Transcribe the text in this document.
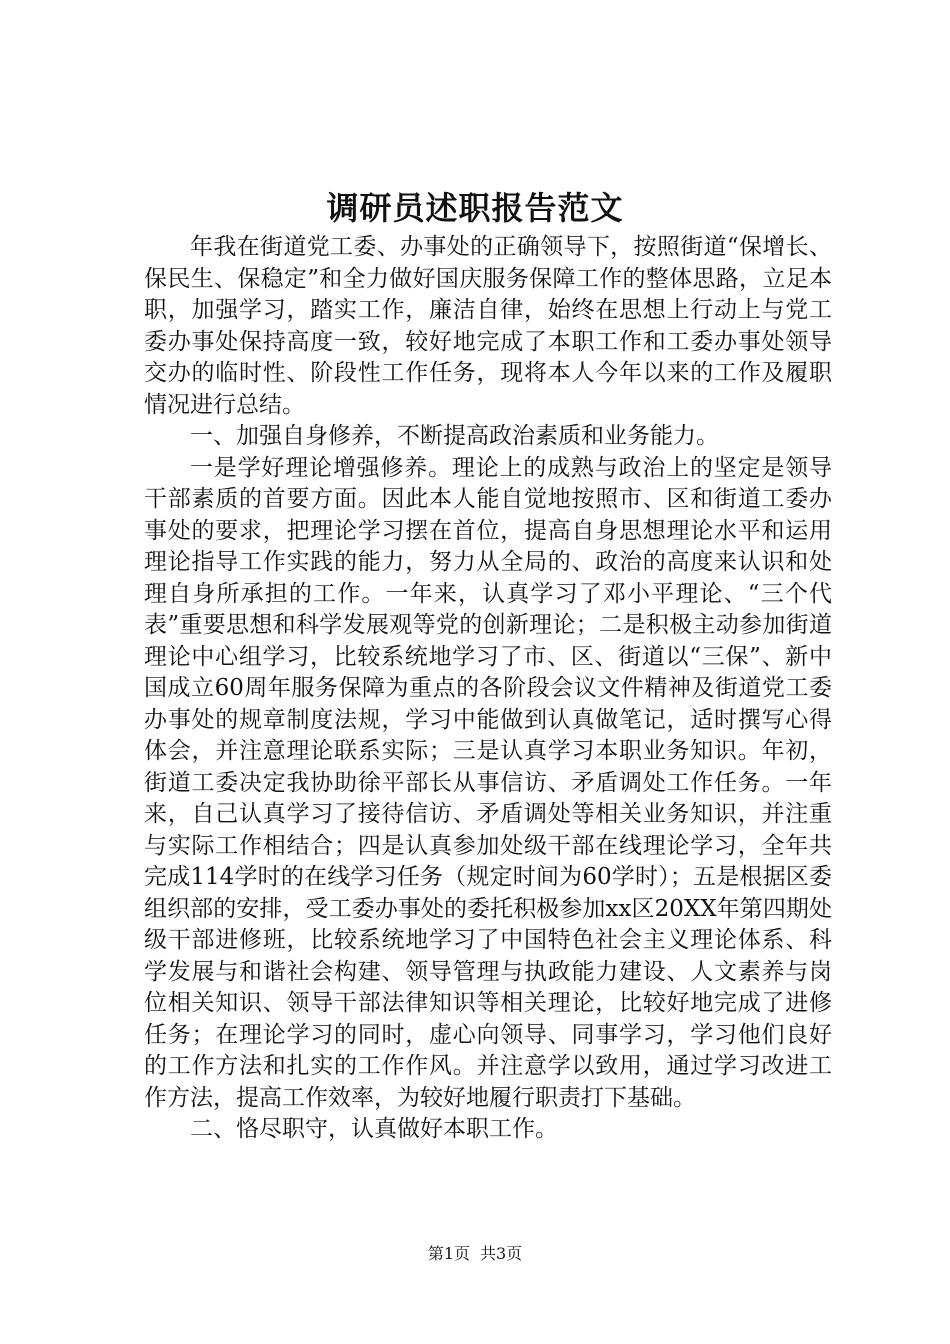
调研员述职报告范文

年我在街道党工委、办事处的正确领导下，按照街道“保增长、保民生、保稳定”和全力做好国庆服务保障工作的整体思路，立足本职，加强学习，踏实工作，廉洁自律，始终在思想上行动上与党工委办事处保持高度一致，较好地完成了本职工作和工委办事处领导交办的临时性、阶段性工作任务，现将本人今年以来的工作及履职情况进行总结。

一、加强自身修养，不断提高政治素质和业务能力。

一是学好理论增强修养。理论上的成熟与政治上的坚定是领导干部素质的首要方面。因此本人能自觉地按照市、区和街道工委办事处的要求，把理论学习摆在首位，提高自身思想理论水平和运用理论指导工作实践的能力，努力从全局的、政治的高度来认识和处理自身所承担的工作。一年来，认真学习了邓小平理论、“三个代表”重要思想和科学发展观等党的创新理论；二是积极主动参加街道理论中心组学习，比较系统地学习了市、区、街道以“三保”、新中国成立60周年服务保障为重点的各阶段会议文件精神及街道党工委办事处的规章制度法规，学习中能做到认真做笔记，适时撰写心得体会，并注意理论联系实际；三是认真学习本职业务知识。年初，街道工委决定我协助徐平部长从事信访、矛盾调处工作任务。一年来，自己认真学习了接待信访、矛盾调处等相关业务知识，并注重与实际工作相结合；四是认真参加处级干部在线理论学习，全年共完成114学时的在线学习任务（规定时间为60学时）；五是根据区委组织部的安排，受工委办事处的委托积极参加xx区20XX年第四期处级干部进修班，比较系统地学习了中国特色社会主义理论体系、科学发展与和谐社会构建、领导管理与执政能力建设、人文素养与岗位相关知识、领导干部法律知识等相关理论，比较好地完成了进修任务；在理论学习的同时，虚心向领导、同事学习，学习他们良好的工作方法和扎实的工作作风。并注意学以致用，通过学习改进工作方法，提高工作效率，为较好地履行职责打下基础。

二、恪尽职守，认真做好本职工作。

第1页 共3页
